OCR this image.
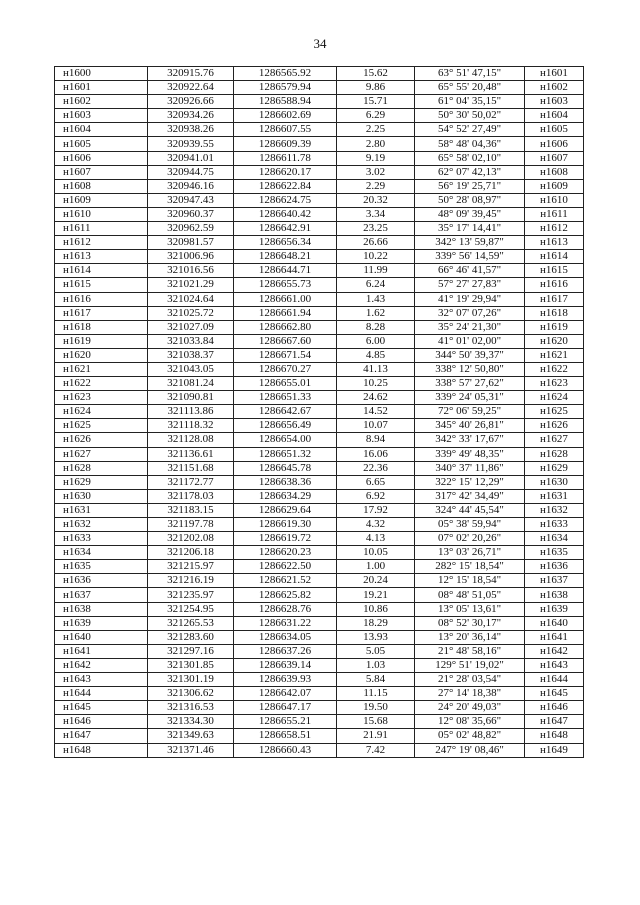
34
н1600	320915.76	1286565.92	15.62	63° 51' 47,15"	н1601
н1601	320922.64	1286579.94	9.86	65° 55' 20,48"	н1602
н1602	320926.66	1286588.94	15.71	61° 04' 35,15"	н1603
н1603	320934.26	1286602.69	6.29	50° 30' 50,02"	н1604
н1604	320938.26	1286607.55	2.25	54° 52' 27,49"	н1605
н1605	320939.55	1286609.39	2.80	58° 48' 04,36"	н1606
н1606	320941.01	1286611.78	9.19	65° 58' 02,10"	н1607
н1607	320944.75	1286620.17	3.02	62° 07' 42,13"	н1608
н1608	320946.16	1286622.84	2.29	56° 19' 25,71"	н1609
н1609	320947.43	1286624.75	20.32	50° 28' 08,97"	н1610
н1610	320960.37	1286640.42	3.34	48° 09' 39,45"	н1611
н1611	320962.59	1286642.91	23.25	35° 17' 14,41"	н1612
н1612	320981.57	1286656.34	26.66	342° 13' 59,87"	н1613
н1613	321006.96	1286648.21	10.22	339° 56' 14,59"	н1614
н1614	321016.56	1286644.71	11.99	66° 46' 41,57"	н1615
н1615	321021.29	1286655.73	6.24	57° 27' 27,83"	н1616
н1616	321024.64	1286661.00	1.43	41° 19' 29,94"	н1617
н1617	321025.72	1286661.94	1.62	32° 07' 07,26"	н1618
н1618	321027.09	1286662.80	8.28	35° 24' 21,30"	н1619
н1619	321033.84	1286667.60	6.00	41° 01' 02,00"	н1620
н1620	321038.37	1286671.54	4.85	344° 50' 39,37"	н1621
н1621	321043.05	1286670.27	41.13	338° 12' 50,80"	н1622
н1622	321081.24	1286655.01	10.25	338° 57' 27,62"	н1623
н1623	321090.81	1286651.33	24.62	339° 24' 05,31"	н1624
н1624	321113.86	1286642.67	14.52	72° 06' 59,25"	н1625
н1625	321118.32	1286656.49	10.07	345° 40' 26,81"	н1626
н1626	321128.08	1286654.00	8.94	342° 33' 17,67"	н1627
н1627	321136.61	1286651.32	16.06	339° 49' 48,35"	н1628
н1628	321151.68	1286645.78	22.36	340° 37' 11,86"	н1629
н1629	321172.77	1286638.36	6.65	322° 15' 12,29"	н1630
н1630	321178.03	1286634.29	6.92	317° 42' 34,49"	н1631
н1631	321183.15	1286629.64	17.92	324° 44' 45,54"	н1632
н1632	321197.78	1286619.30	4.32	05° 38' 59,94"	н1633
н1633	321202.08	1286619.72	4.13	07° 02' 20,26"	н1634
н1634	321206.18	1286620.23	10.05	13° 03' 26,71"	н1635
н1635	321215.97	1286622.50	1.00	282° 15' 18,54"	н1636
н1636	321216.19	1286621.52	20.24	12° 15' 18,54"	н1637
н1637	321235.97	1286625.82	19.21	08° 48' 51,05"	н1638
н1638	321254.95	1286628.76	10.86	13° 05' 13,61"	н1639
н1639	321265.53	1286631.22	18.29	08° 52' 30,17"	н1640
н1640	321283.60	1286634.05	13.93	13° 20' 36,14"	н1641
н1641	321297.16	1286637.26	5.05	21° 48' 58,16"	н1642
н1642	321301.85	1286639.14	1.03	129° 51' 19,02"	н1643
н1643	321301.19	1286639.93	5.84	21° 28' 03,54"	н1644
н1644	321306.62	1286642.07	11.15	27° 14' 18,38"	н1645
н1645	321316.53	1286647.17	19.50	24° 20' 49,03"	н1646
н1646	321334.30	1286655.21	15.68	12° 08' 35,66"	н1647
н1647	321349.63	1286658.51	21.91	05° 02' 48,82"	н1648
н1648	321371.46	1286660.43	7.42	247° 19' 08,46"	н1649
